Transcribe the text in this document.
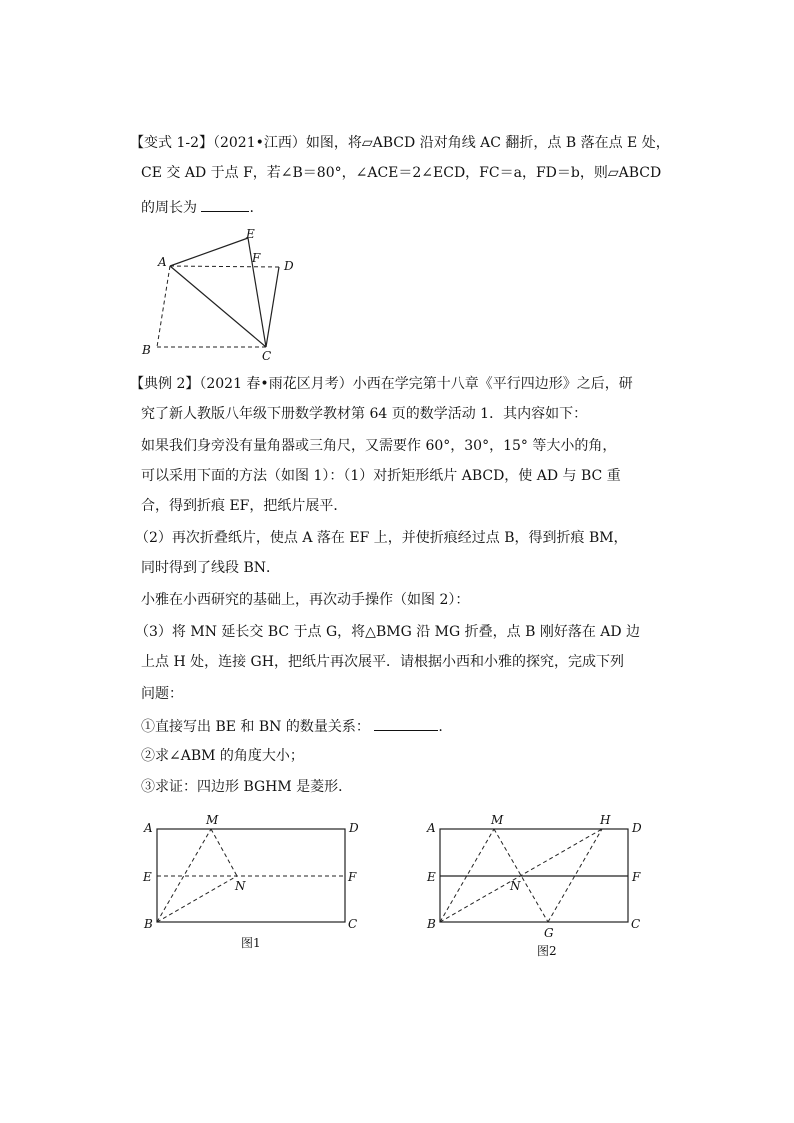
【变式 1-2】（2021•江西）如图，将▱ABCD 沿对角线 AC 翻折，点 B 落在点 E 处，
CE 交 AD 于点 F，若∠B＝80°，∠ACE＝2∠ECD，FC＝a，FD＝b，则▱ABCD
的周长为	.
A
B	C
D
E
F
【典例 2】（2021 春•雨花区月考）小西在学完第十八章《平行四边形》之后，研
究了新人教版八年级下册数学教材第 64 页的数学活动 1．其内容如下：
如果我们身旁没有量角器或三角尺，又需要作 60°，30°，15° 等大小的角，
可以采用下面的方法（如图 1）：（1）对折矩形纸片 ABCD，使 AD 与 BC 重
合，得到折痕 EF，把纸片展平．
（2）再次折叠纸片，使点 A 落在 EF 上，并使折痕经过点 B，得到折痕 BM，
同时得到了线段 BN．
小雅在小西研究的基础上，再次动手操作（如图 2）：
（3）将 MN 延长交 BC 于点 G，将△BMG 沿 MG 折叠，点 B 刚好落在 AD 边
上点 H 处，连接 GH，把纸片再次展平．请根据小西和小雅的探究，完成下列
问题：
①直接写出 BE 和 BN 的数量关系：	.
②求∠ABM 的角度大小；
③求证：四边形 BGHM 是菱形．
A
M
D
E
N
F
B	C
图1
A
M	H
D
E
N
F
B
G
C
图2
